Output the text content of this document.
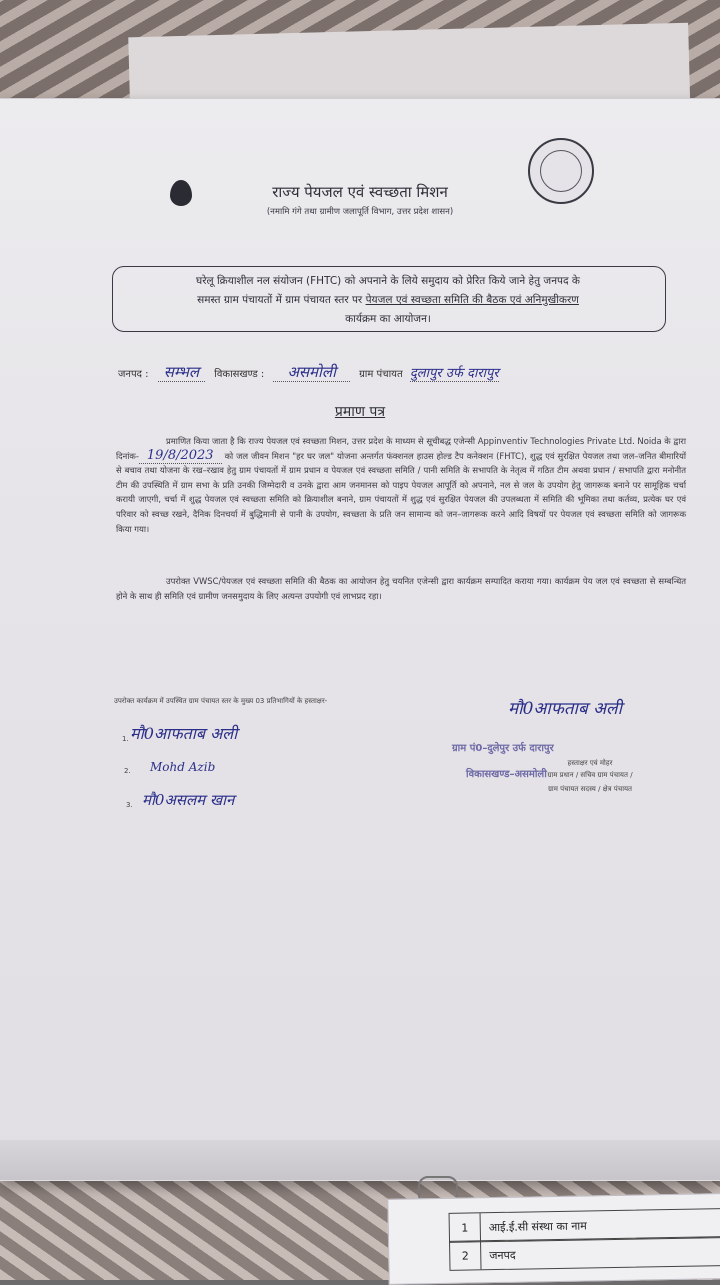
राज्य पेयजल एवं स्वच्छता मिशन
(नमामि गंगे तथा ग्रामीण जलापूर्ति विभाग, उत्तर प्रदेश शासन)
घरेलू क्रियाशील नल संयोजन (FHTC) को अपनाने के लिये समुदाय को प्रेरित किये जाने हेतु जनपद के
समस्त ग्राम पंचायतों में ग्राम पंचायत स्तर पर पेयजल एवं स्वच्छता समिति की बैठक एवं अनिमुखीकरण
कार्यक्रम का आयोजन।
जनपद : सम्भल विकासखण्ड : असमोली ग्राम पंचायत दुलापुर उर्फ दारापुर
प्रमाण पत्र
प्रमाणित किया जाता है कि राज्य पेयजल एवं स्वच्छता मिशन, उत्तर प्रदेश के माध्यम से सूचीबद्ध एजेन्सी Appinventiv Technologies Private Ltd. Noida के द्वारा दिनांक- 19/8/2023 को जल जीवन मिशन "हर घर जल" योजना अन्तर्गत फंक्शनल हाउस होल्ड टैप कनेक्शन (FHTC), शुद्ध एवं सुरक्षित पेयजल तथा जल–जनित बीमारियों से बचाव तथा योजना के रख–रखाव हेतु ग्राम पंचायतों में ग्राम प्रधान व पेयजल एवं स्वच्छता समिति / पानी समिति के सभापति के नेतृत्व में गठित टीम अथवा प्रधान / सभापति द्वारा मनोनीत टीम की उपस्थिति में ग्राम सभा के प्रति उनकी जिम्मेदारी व उनके द्वारा आम जनमानस को पाइप पेयजल आपूर्ति को अपनाने, नल से जल के उपयोग हेतु जागरूक बनाने पर सामूहिक चर्चा करायी जाएगी, चर्चा में शुद्ध पेयजल एवं स्वच्छता समिति को क्रियाशील बनाने, ग्राम पंचायतों में शुद्ध एवं सुरक्षित पेयजल की उपलब्धता में समिति की भूमिका तथा कर्तव्य, प्रत्येक घर एवं परिवार को स्वच्छ रखने, दैनिक दिनचर्या में बुद्धिमानी से पानी के उपयोग, स्वच्छता के प्रति जन सामान्य को जन–जागरूक करने आदि विषयों पर पेयजल एवं स्वच्छता समिति को जागरूक किया गया।
उपरोक्त VWSC/पेयजल एवं स्वच्छता समिति की बैठक का आयोजन हेतु चयनित एजेन्सी द्वारा कार्यक्रम सम्पादित कराया गया। कार्यक्रम पेय जल एवं स्वच्छता से सम्बन्धित होने के साथ ही समिति एवं ग्रामीण जनसमुदाय के लिए अत्यन्त उपयोगी एवं लाभप्रद रहा।
उपरोक्त कार्यक्रम में उपस्थित ग्राम पंचायत स्तर के मुख्य 03 प्रतिभागियों के हस्ताक्षर-
मौ0आफताब अली
1.
Mohd Azib
2.
मौ0असलम खान
3.
मौ0आफताब अली
ग्राम पं0–दुलेपुर उर्फ दारापुर
विकासखण्ड–असमोली
हस्ताक्षर एवं मोहर
ग्राम प्रधान / सचिव ग्राम पंचायत /
ग्राम पंचायत सदस्य / क्षेत्र पंचायत
1	आई.ई.सी संस्था का नाम
2	जनपद
